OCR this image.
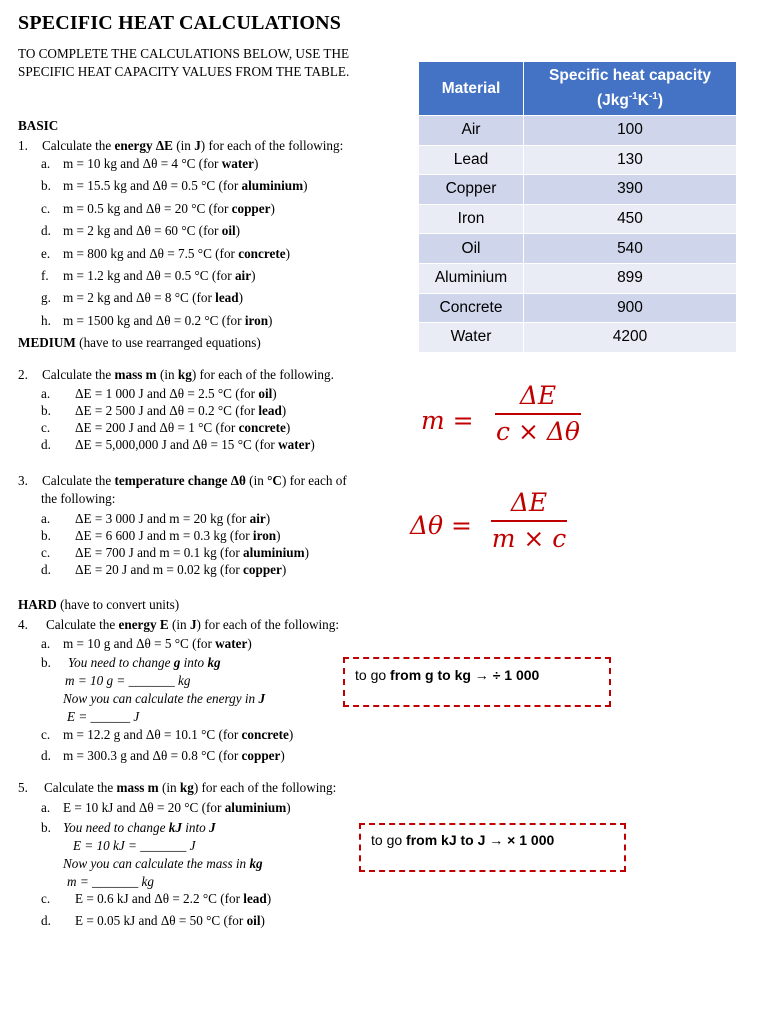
SPECIFIC HEAT CALCULATIONS
TO COMPLETE THE CALCULATIONS BELOW, USE THE SPECIFIC HEAT CAPACITY VALUES FROM THE TABLE.
Material	Specific heat capacity
$(Jkg^{-1}K^{-1})$
Air	100
Lead	130
Copper	390
Iron	450
Oil	540
Aluminium	899
Concrete	900
Water	4200
BASIC
1. Calculate the energy ΔE (in J) for each of the following:
a. m = 10 kg and Δθ = 4 °C (for water)
b. m = 15.5 kg and Δθ = 0.5 °C (for aluminium)
c. m = 0.5 kg and Δθ = 20 °C (for copper)
d. m = 2 kg and Δθ = 60 °C (for oil)
e. m = 800 kg and Δθ = 7.5 °C (for concrete)
f. m = 1.2 kg and Δθ = 0.5 °C (for air)
g. m = 2 kg and Δθ = 8 °C (for lead)
h. m = 1500 kg and Δθ = 0.2 °C (for iron)
MEDIUM (have to use rearranged equations)
2. Calculate the mass m (in kg) for each of the following.
a. ΔE = 1 000 J and Δθ = 2.5 °C (for oil)
b. ΔE = 2 500 J and Δθ = 0.2 °C (for lead)
c. ΔE = 200 J and Δθ = 1 °C (for concrete)
d. ΔE = 5,000,000 J and Δθ = 15 °C (for water)
3. Calculate the temperature change Δθ (in °C) for each of
the following:
a. ΔE = 3 000 J and m = 20 kg (for air)
b. ΔE = 6 600 J and m = 0.3 kg (for iron)
c. ΔE = 700 J and m = 0.1 kg (for aluminium)
d. ΔE = 20 J and m = 0.02 kg (for copper)
m =
ΔE
c × Δθ
Δθ =
ΔE
m × c
HARD (have to convert units)
4. Calculate the energy E (in J) for each of the following:
a. m = 10 g and Δθ = 5 °C (for water)
b. You need to change g into kg
m = 10 g = _______ kg
Now you can calculate the energy in J
E = ______ J
c. m = 12.2 g and Δθ = 10.1 °C (for concrete)
d. m = 300.3 g and Δθ = 0.8 °C (for copper)
5. Calculate the mass m (in kg) for each of the following:
a. E = 10 kJ and Δθ = 20 °C (for aluminium)
b. You need to change kJ into J
E = 10 kJ = _______ J
Now you can calculate the mass in kg
m = _______ kg
c. E = 0.6 kJ and Δθ = 2.2 °C (for lead)
d. E = 0.05 kJ and Δθ = 50 °C (for oil)
to go from g to kg → ÷ 1 000
to go from kJ to J → × 1 000
